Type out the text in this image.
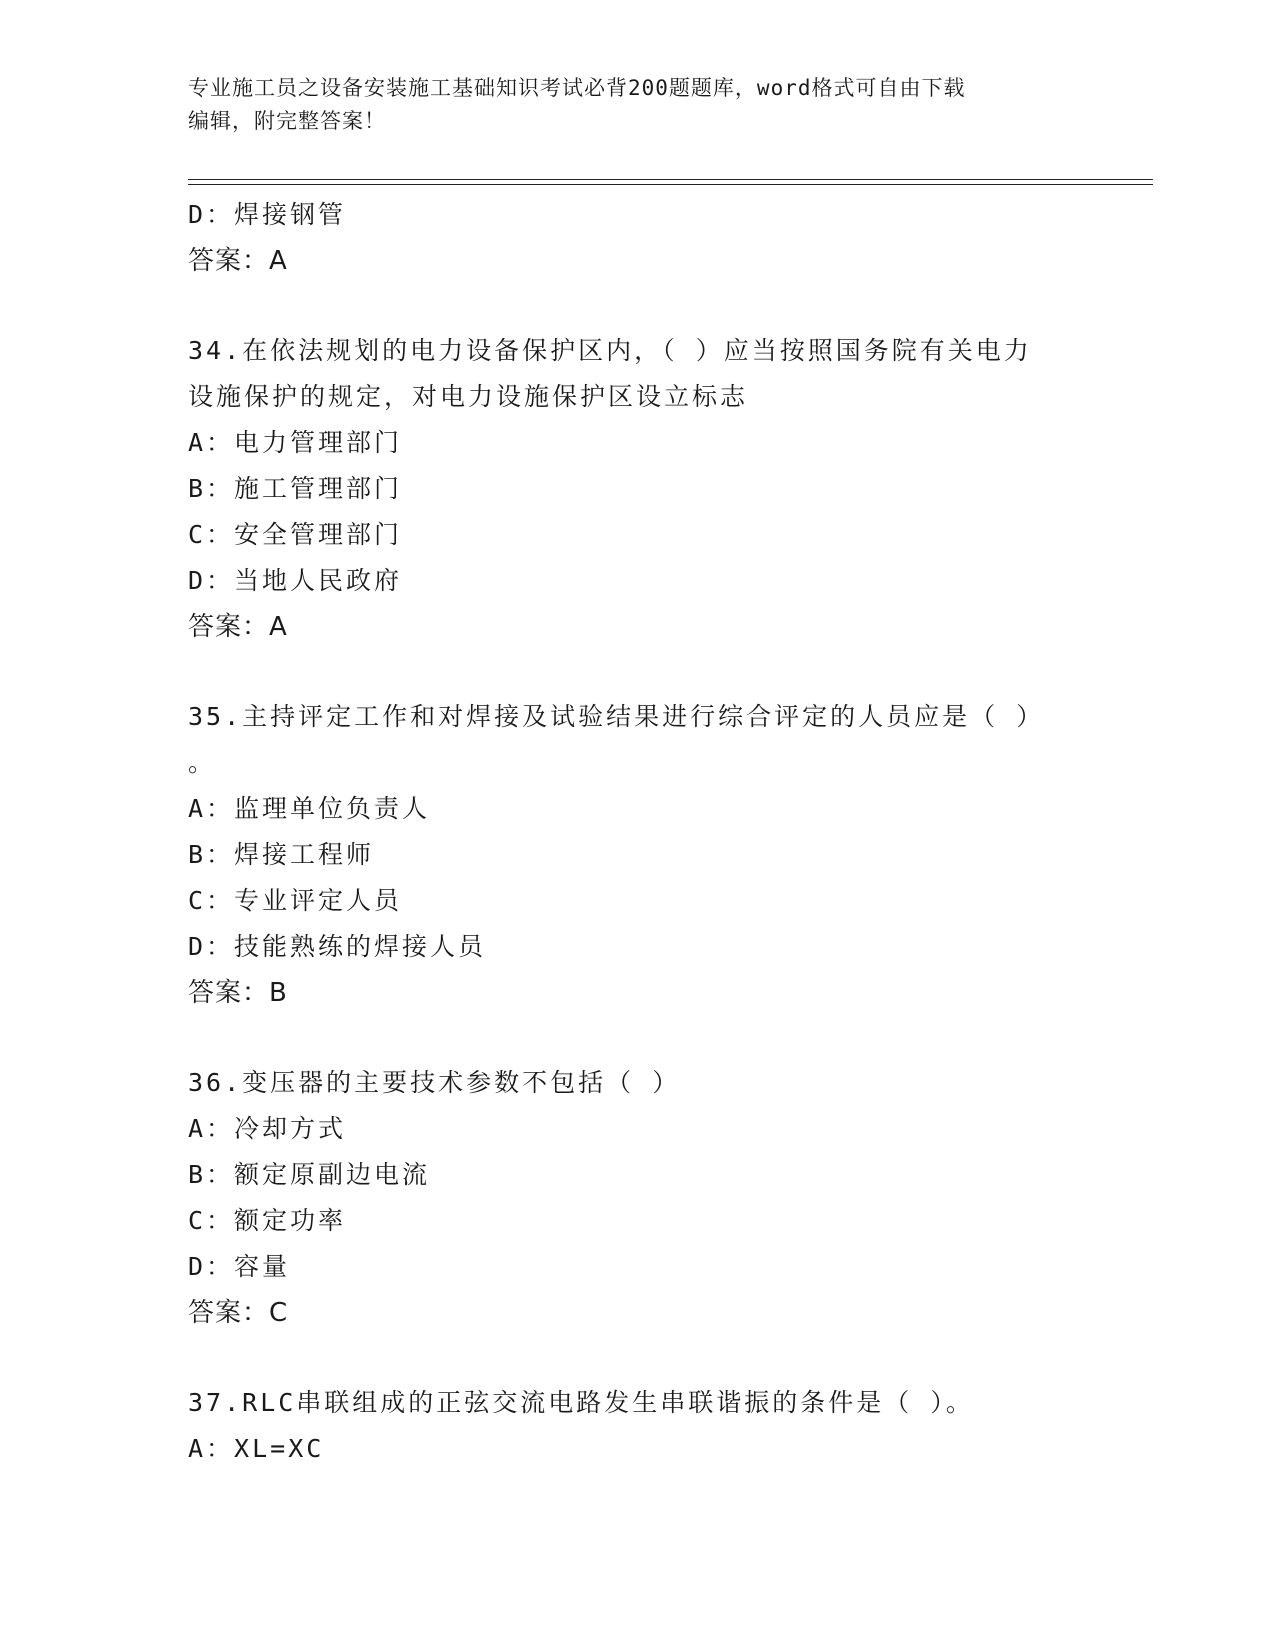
专业施工员之设备安装施工基础知识考试必背200题题库，word格式可自由下载
编辑，附完整答案！
D：焊接钢管
答案：A
34.在依法规划的电力设备保护区内，（ ）应当按照国务院有关电力
设施保护的规定，对电力设施保护区设立标志
A：电力管理部门
B：施工管理部门
C：安全管理部门
D：当地人民政府
答案：A
35.主持评定工作和对焊接及试验结果进行综合评定的人员应是（ ）
。
A：监理单位负责人
B：焊接工程师
C：专业评定人员
D：技能熟练的焊接人员
答案：B
36.变压器的主要技术参数不包括（ ）
A：冷却方式
B：额定原副边电流
C：额定功率
D：容量
答案：C
37.RLC串联组成的正弦交流电路发生串联谐振的条件是（ ）。
A：XL=XC
